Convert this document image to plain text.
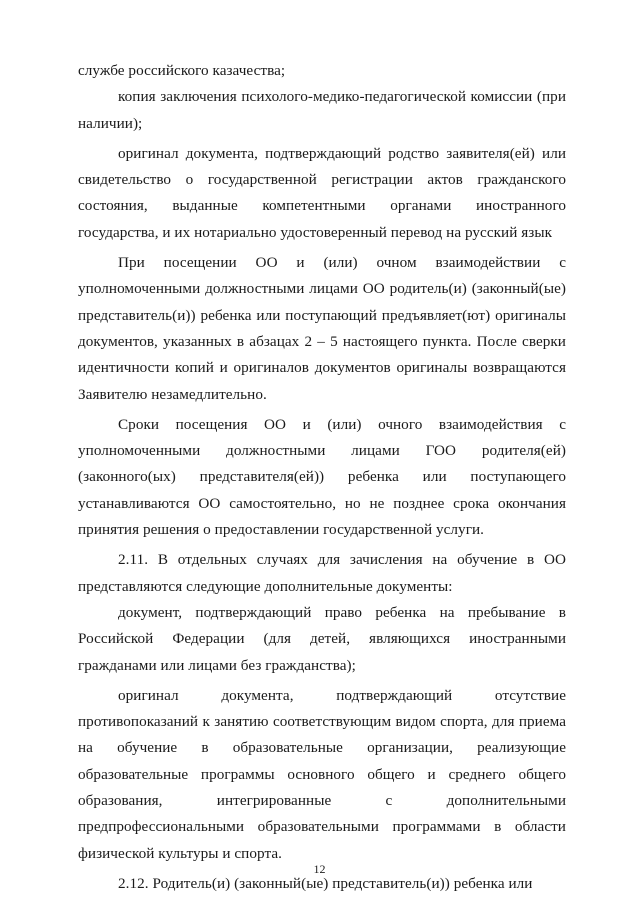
службе российского казачества;

копия заключения психолого-медико-педагогической комиссии (при наличии);

оригинал документа, подтверждающий родство заявителя(ей) или свидетельство о государственной регистрации актов гражданского состояния, выданные компетентными органами иностранного государства, и их нотариально удостоверенный перевод на русский язык

При посещении ОО и (или) очном взаимодействии с уполномоченными должностными лицами ОО родитель(и) (законный(ые) представитель(и)) ребенка или поступающий предъявляет(ют) оригиналы документов, указанных в абзацах 2 – 5 настоящего пункта. После сверки идентичности копий и оригиналов документов оригиналы возвращаются Заявителю незамедлительно.

Сроки посещения ОО и (или) очного взаимодействия с уполномоченными должностными лицами ГОО родителя(ей) (законного(ых) представителя(ей)) ребенка или поступающего устанавливаются ОО самостоятельно, но не позднее срока окончания принятия решения о предоставлении государственной услуги.

2.11. В отдельных случаях для зачисления на обучение в ОО представляются следующие дополнительные документы:

документ, подтверждающий право ребенка на пребывание в Российской Федерации (для детей, являющихся иностранными гражданами или лицами без гражданства);

оригинал документа, подтверждающий отсутствие противопоказаний к занятию соответствующим видом спорта, для приема на обучение в образовательные организации, реализующие образовательные программы основного общего и среднего общего образования, интегрированные с дополнительными предпрофессиональными образовательными программами в области физической культуры и спорта.

2.12. Родитель(и) (законный(ые) представитель(и)) ребенка или

12
